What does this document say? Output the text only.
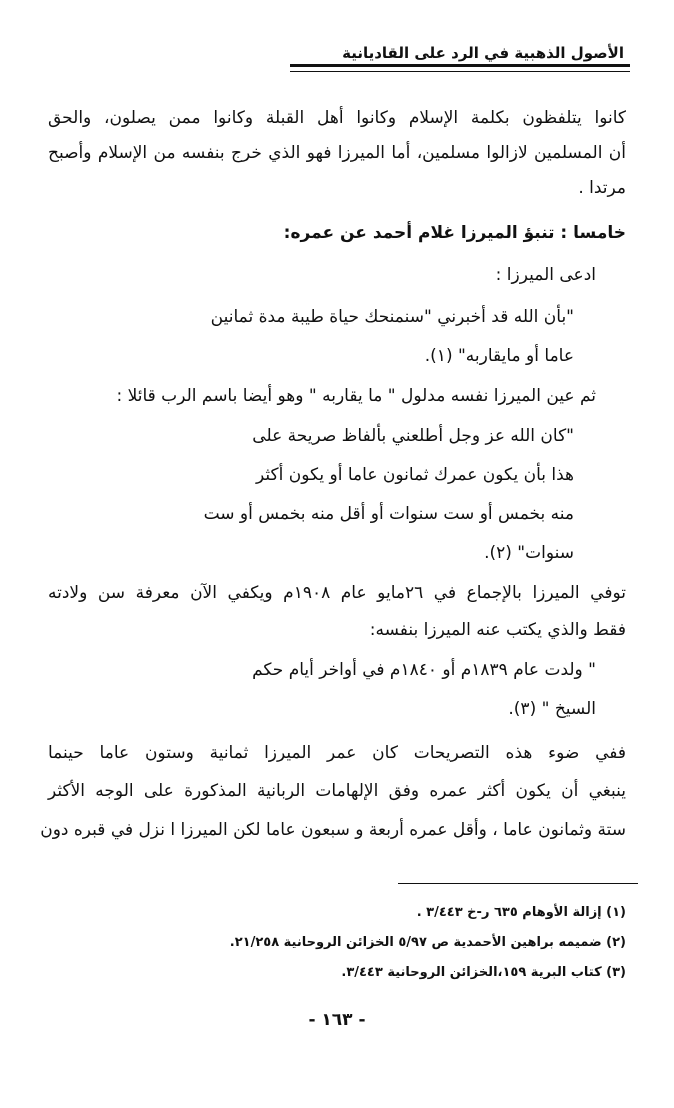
الأصول الذهبية في الرد على القاديانية
كانوا يتلفظون بكلمة الإسلام وكانوا أهل القبلة وكانوا ممن يصلون، والحق
أن المسلمين لازالوا مسلمين، أما الميرزا فهو الذي خرج بنفسه من الإسلام وأصبح
مرتدا .
خامسا : تنبؤ الميرزا غلام أحمد عن عمره:
ادعى الميرزا :
"بأن الله قد أخبرني "سنمنحك حياة طيبة مدة ثمانين
عاما أو مايقاربه" (١).
ثم عين الميرزا نفسه مدلول " ما يقاربه " وهو أيضا باسم الرب قائلا :
"كان الله عز وجل أطلعني بألفاظ صريحة على
هذا بأن يكون عمرك ثمانون عاما أو يكون أكثر
منه بخمس أو ست سنوات أو أقل منه بخمس أو ست
سنوات" (٢).
توفي الميرزا بالإجماع في ٢٦مايو عام ١٩٠٨م ويكفي الآن معرفة سن ولادته
فقط والذي يكتب عنه الميرزا بنفسه:
" ولدت عام ١٨٣٩م أو ١٨٤٠م في أواخر أيام حكم
السيخ " (٣).
ففي ضوء هذه التصريحات كان عمر الميرزا ثمانية وستون عاما حينما
ينبغي أن يكون أكثر عمره وفق الإلهامات الربانية المذكورة على الوجه الأكثر
ستة وثمانون عاما ، وأقل عمره أربعة و سبعون عاما لكن الميرزا ا نزل في قبره دون
(١) إزالة الأوهام ٦٣٥ ر-خ ٣/٤٤٣ .
(٢) ضميمه براهين الأحمدية ص ٥/٩٧ الخزائن الروحانية ٢١/٢٥٨.
(٣) كتاب البرية ١٥٩،الخزائن الروحانية ٣/٤٤٣.
- ١٦٣ -
